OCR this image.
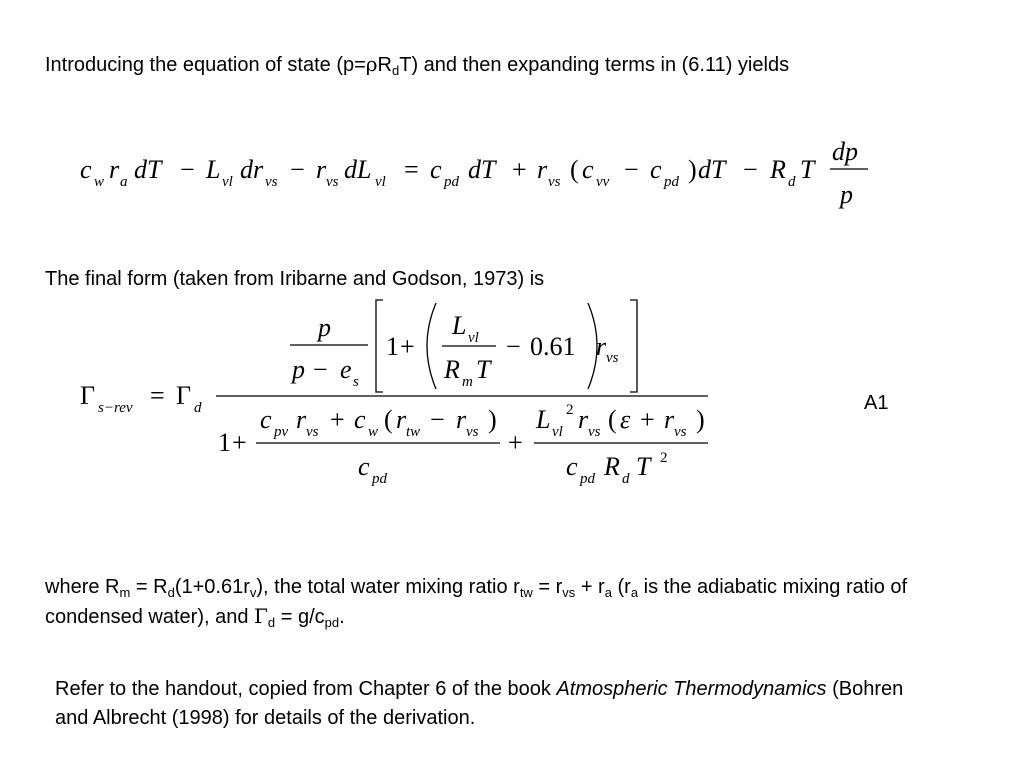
Introducing the equation of state $(p=\rho R_dT)$ and then expanding terms in (6.11) yields

The final form (taken from Iribarne and Godson, 1973) is

A1

where $R_m = R_d(1+0.61r_v)$, the total water mixing ratio $r_{tw} = r_{vs} + r_a$ ($r_a$ is the adiabatic mixing ratio of condensed water), and $\Gamma_d = g/c_{pd}$.

Refer to the handout, copied from Chapter 6 of the book Atmospheric Thermodynamics (Bohren and Albrecht (1998) for details of the derivation.

c w r a dT − L vl dr vs − r vs dL vl = c pd dT + r vs ( c vv − c pd ) dT − R d T
dp
p
Γ s−rev = Γ d
p
p − e s
1 +
L vl
R m T
− 0.61 r vs
1 +
c pv r vs + c w ( r tw − r vs )
c pd
+
L vl
2 r vs ( ε + r vs )
c pd R d T 2
